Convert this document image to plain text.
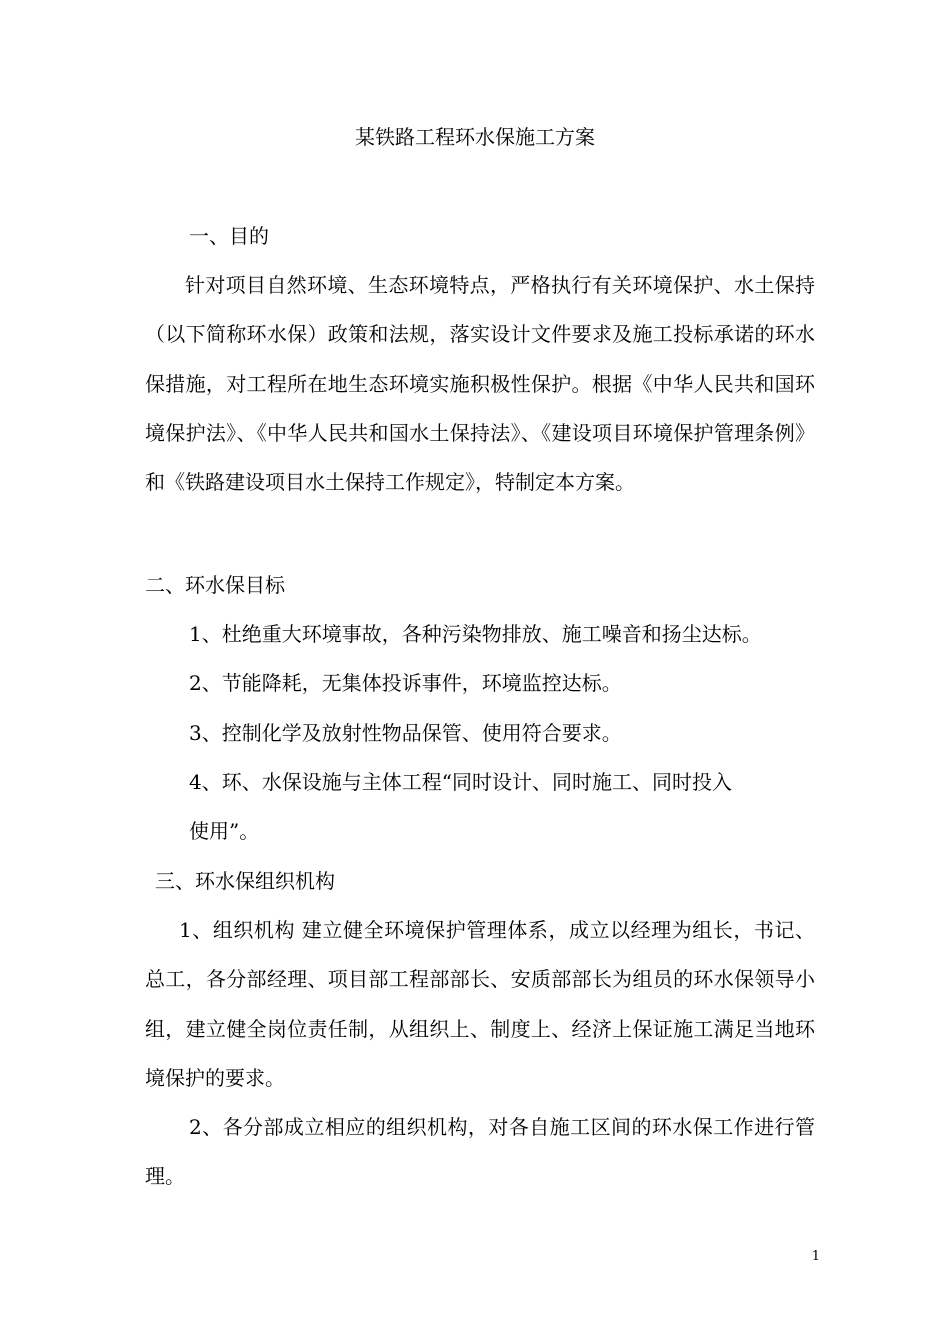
某铁路工程环水保施工方案
一、目的
针对项目自然环境、生态环境特点，严格执行有关环境保护、水土保持（以下简称环水保）政策和法规，落实设计文件要求及施工投标承诺的环水保措施，对工程所在地生态环境实施积极性保护。根据《中华人民共和国环境保护法》、《中华人民共和国水土保持法》、《建设项目环境保护管理条例》和《铁路建设项目水土保持工作规定》，特制定本方案。
二、环水保目标
1、杜绝重大环境事故，各种污染物排放、施工噪音和扬尘达标。
2、节能降耗，无集体投诉事件，环境监控达标。
3、控制化学及放射性物品保管、使用符合要求。
4、环、水保设施与主体工程“同时设计、同时施工、同时投入
使用”。
三、环水保组织机构
1、组织机构 建立健全环境保护管理体系，成立以经理为组长，书记、总工，各分部经理、项目部工程部部长、安质部部长为组员的环水保领导小组，建立健全岗位责任制，从组织上、制度上、经济上保证施工满足当地环境保护的要求。
2、各分部成立相应的组织机构，对各自施工区间的环水保工作进行管理。
1
